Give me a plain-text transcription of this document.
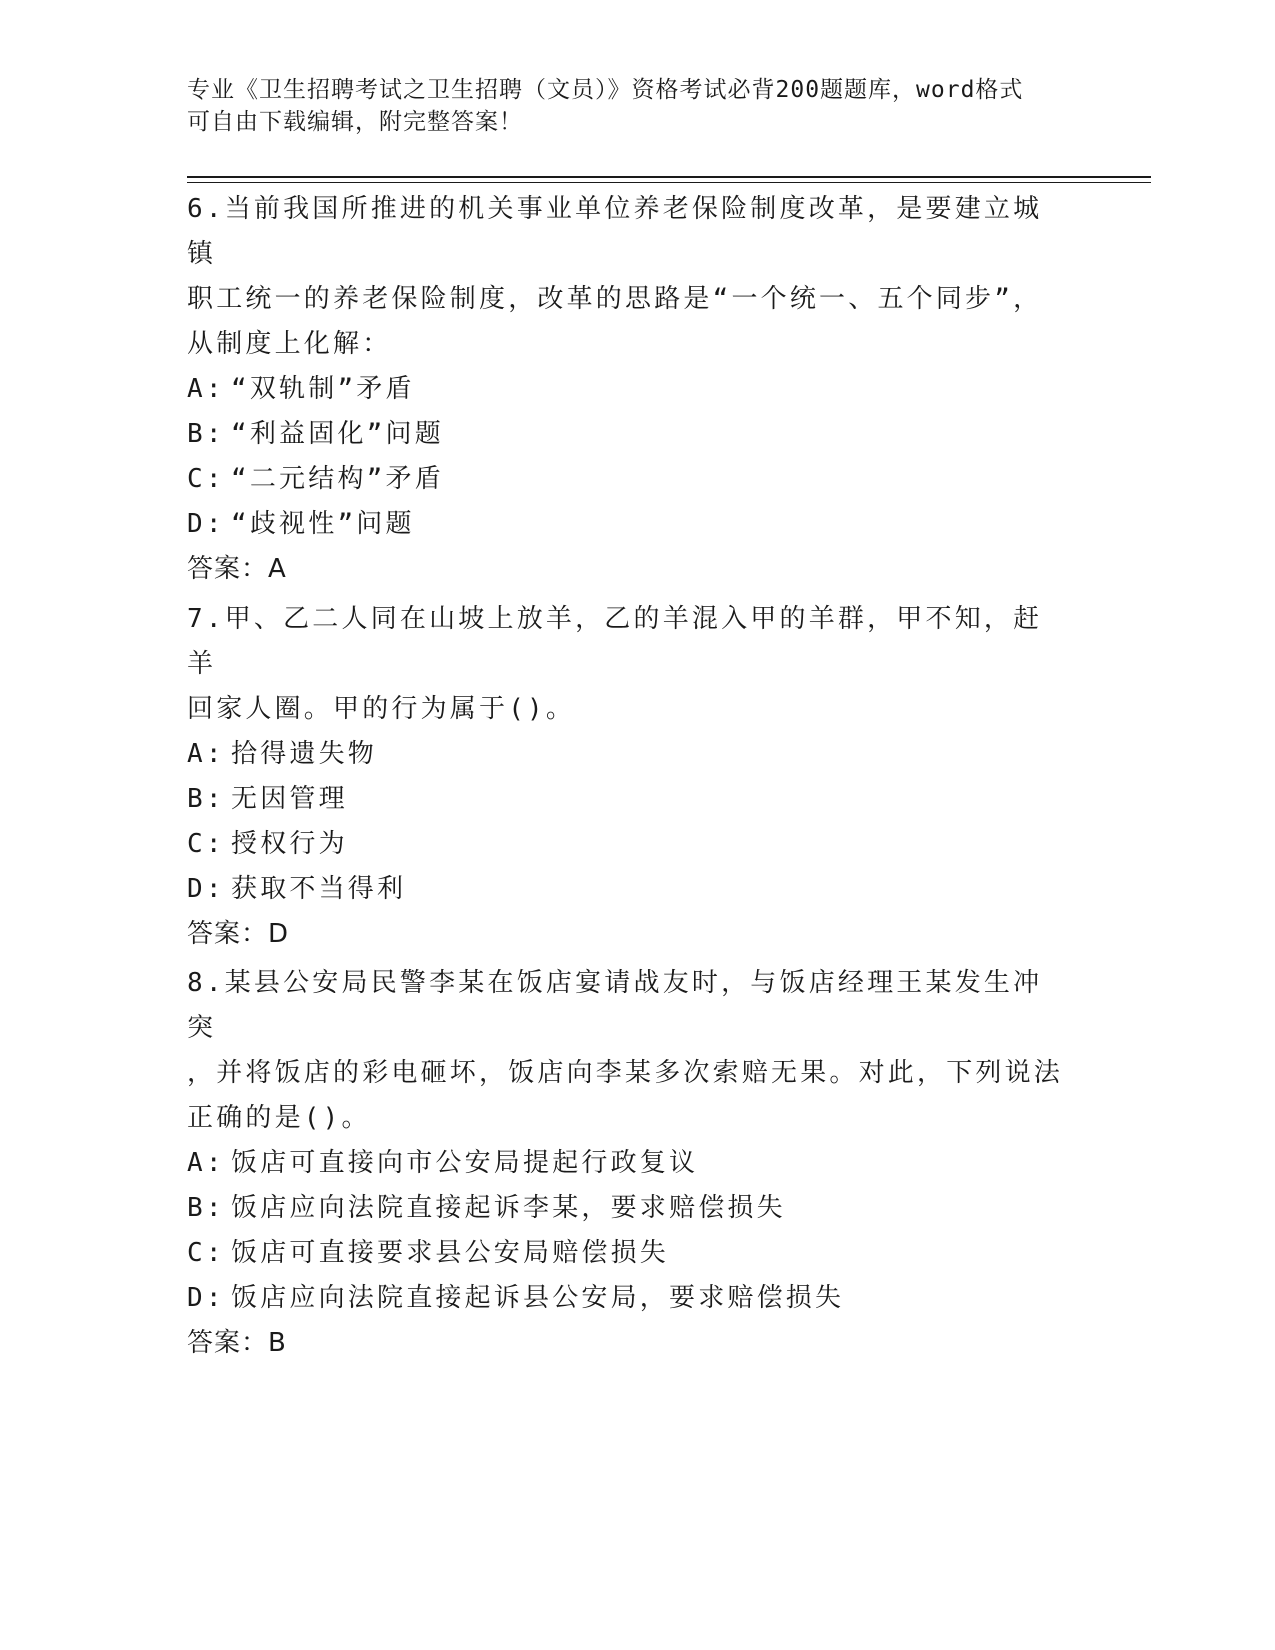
专业《卫生招聘考试之卫生招聘（文员）》资格考试必背200题题库，word格式
可自由下载编辑，附完整答案！

6.当前我国所推进的机关事业单位养老保险制度改革，是要建立城镇

职工统一的养老保险制度，改革的思路是“一个统一、五个同步”，

从制度上化解：

A: “双轨制”矛盾

B: “利益固化”问题

C: “二元结构”矛盾

D: “歧视性”问题

答案：A

7.甲、乙二人同在山坡上放羊，乙的羊混入甲的羊群，甲不知，赶羊

回家人圈。甲的行为属于()。

A: 拾得遗失物

B: 无因管理

C: 授权行为

D: 获取不当得利

答案：D

8.某县公安局民警李某在饭店宴请战友时，与饭店经理王某发生冲突

，并将饭店的彩电砸坏，饭店向李某多次索赔无果。对此，下列说法

正确的是()。

A: 饭店可直接向市公安局提起行政复议

B: 饭店应向法院直接起诉李某，要求赔偿损失

C: 饭店可直接要求县公安局赔偿损失

D: 饭店应向法院直接起诉县公安局，要求赔偿损失

答案：B
